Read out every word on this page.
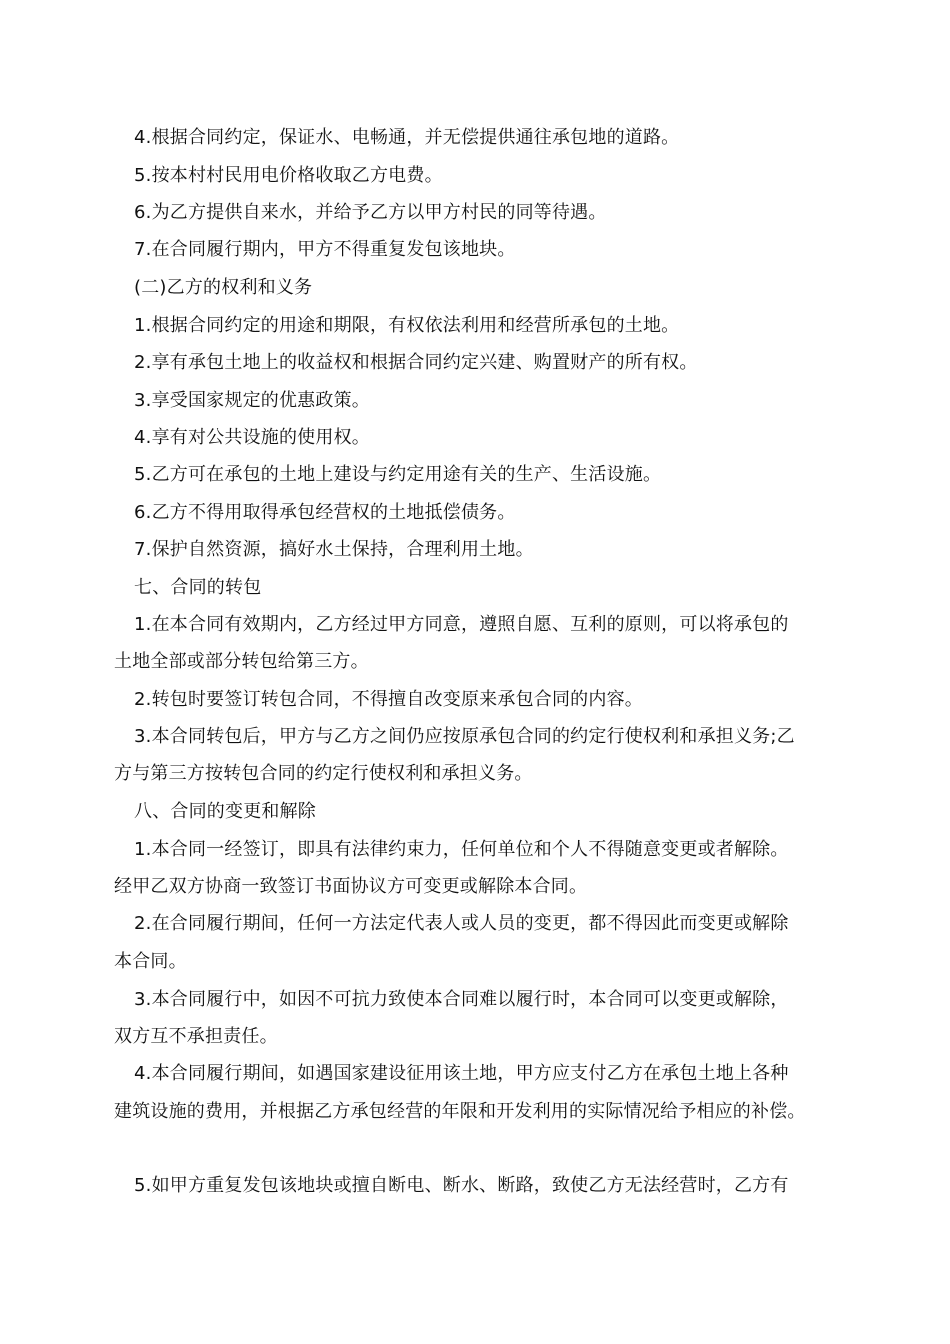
4.根据合同约定，保证水、电畅通，并无偿提供通往承包地的道路。
5.按本村村民用电价格收取乙方电费。
6.为乙方提供自来水，并给予乙方以甲方村民的同等待遇。
7.在合同履行期内，甲方不得重复发包该地块。
(二)乙方的权利和义务
1.根据合同约定的用途和期限，有权依法利用和经营所承包的土地。
2.享有承包土地上的收益权和根据合同约定兴建、购置财产的所有权。
3.享受国家规定的优惠政策。
4.享有对公共设施的使用权。
5.乙方可在承包的土地上建设与约定用途有关的生产、生活设施。
6.乙方不得用取得承包经营权的土地抵偿债务。
7.保护自然资源，搞好水土保持，合理利用土地。
七、合同的转包
1.在本合同有效期内，乙方经过甲方同意，遵照自愿、互利的原则，可以将承包的
土地全部或部分转包给第三方。
2.转包时要签订转包合同，不得擅自改变原来承包合同的内容。
3.本合同转包后，甲方与乙方之间仍应按原承包合同的约定行使权利和承担义务;乙
方与第三方按转包合同的约定行使权利和承担义务。
八、合同的变更和解除
1.本合同一经签订，即具有法律约束力，任何单位和个人不得随意变更或者解除。
经甲乙双方协商一致签订书面协议方可变更或解除本合同。
2.在合同履行期间，任何一方法定代表人或人员的变更，都不得因此而变更或解除
本合同。
3.本合同履行中，如因不可抗力致使本合同难以履行时，本合同可以变更或解除，
双方互不承担责任。
4.本合同履行期间，如遇国家建设征用该土地，甲方应支付乙方在承包土地上各种
建筑设施的费用，并根据乙方承包经营的年限和开发利用的实际情况给予相应的补偿。
5.如甲方重复发包该地块或擅自断电、断水、断路，致使乙方无法经营时，乙方有
